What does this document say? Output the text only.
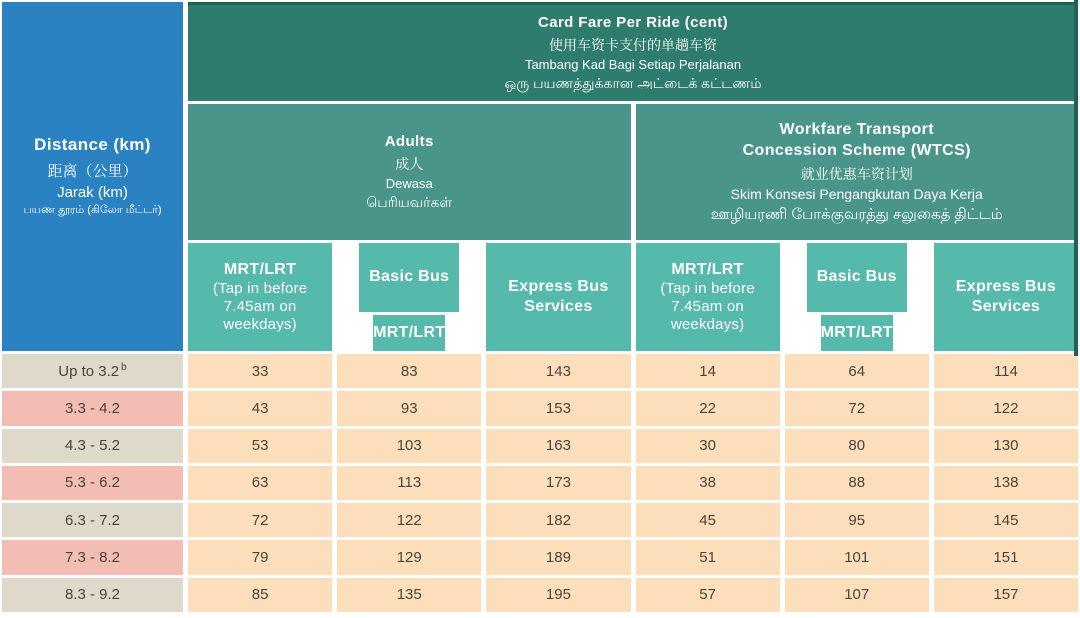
Distance (km)
距离（公里）
Jarak (km)
பயண தூரம் (கிலோ மீட்டர்)
Card Fare Per Ride (cent)
使用车资卡支付的单趟车资
Tambang Kad Bagi Setiap Perjalanan
ஒரு பயணத்துக்கான அட்டைக் கட்டணம்
Adults
成人
Dewasa
பெரியவர்கள்
Workfare Transport
Concession Scheme (WTCS)
就业优惠车资计划
Skim Konsesi Pengangkutan Daya Kerja
ஊழியரணி போக்குவரத்து சலுகைத் திட்டம்
MRT/LRT
(Tap in before 7.45am on weekdays)
Basic Bus
MRT/LRT
Express Bus Services
MRT/LRT
(Tap in before 7.45am on weekdays)
Basic Bus
MRT/LRT
Express Bus Services
Up to 3.2$^b$	33	83	143	14	64	114
3.3 - 4.2	43	93	153	22	72	122
4.3 - 5.2	53	103	163	30	80	130
5.3 - 6.2	63	113	173	38	88	138
6.3 - 7.2	72	122	182	45	95	145
7.3 - 8.2	79	129	189	51	101	151
8.3 - 9.2	85	135	195	57	107	157
